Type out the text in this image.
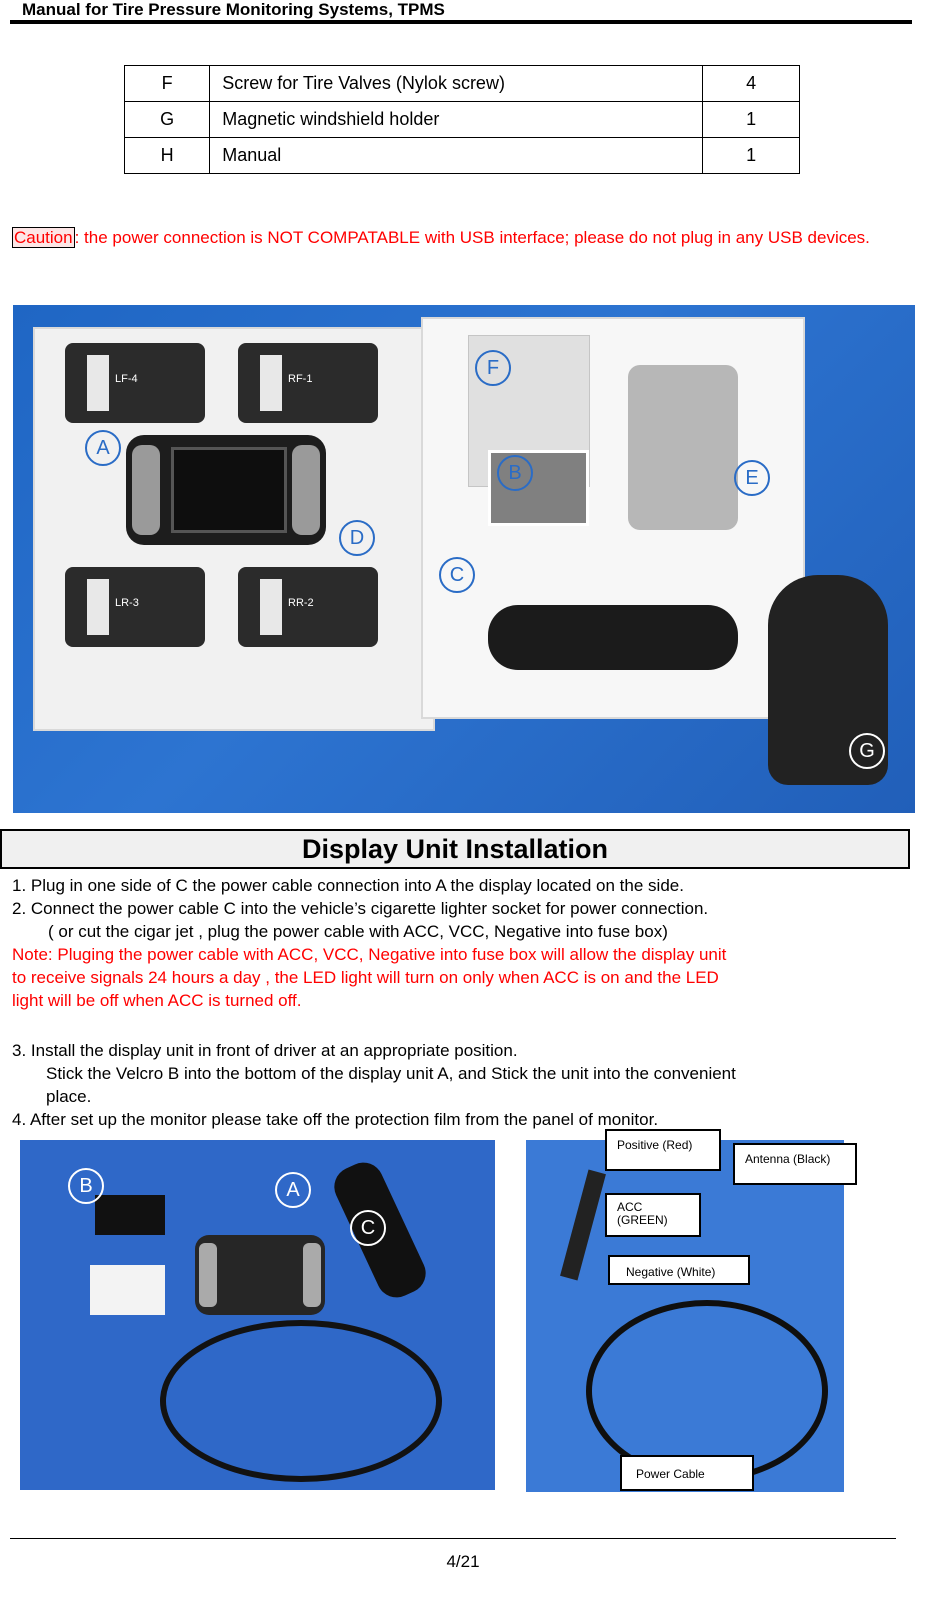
Manual for Tire Pressure Monitoring Systems, TPMS
F	Screw for Tire Valves (Nylok screw)	4
G	Magnetic windshield holder	1
H	Manual	1
Caution : the power connection is NOT COMPATABLE with USB interface; please do not plug in any USB devices.
LF-4	RF-1
LR-3	RR-2
A
B
C
D
E
F
G
Display Unit Installation
1. Plug in one side of C the power cable connection into A the display located on the side.
2. Connect the power cable C into the vehicle’s cigarette lighter socket for power connection.
( or cut the cigar jet , plug the power cable with ACC, VCC, Negative into fuse box)
Note: Pluging the power cable with ACC, VCC, Negative into fuse box will allow the display unit
to receive signals 24 hours a day , the LED light will turn on only when ACC is on and the LED
light will be off when ACC is turned off.
3. Install the display unit in front of driver at an appropriate position.
Stick the Velcro B into the bottom of the display unit A, and Stick the unit into the convenient
place.
4. After set up the monitor please take off the protection film from the panel of monitor.
B	A
C
Positive (Red)
Antenna (Black)
ACC (GREEN)
Negative (White)
Power Cable
4/21
